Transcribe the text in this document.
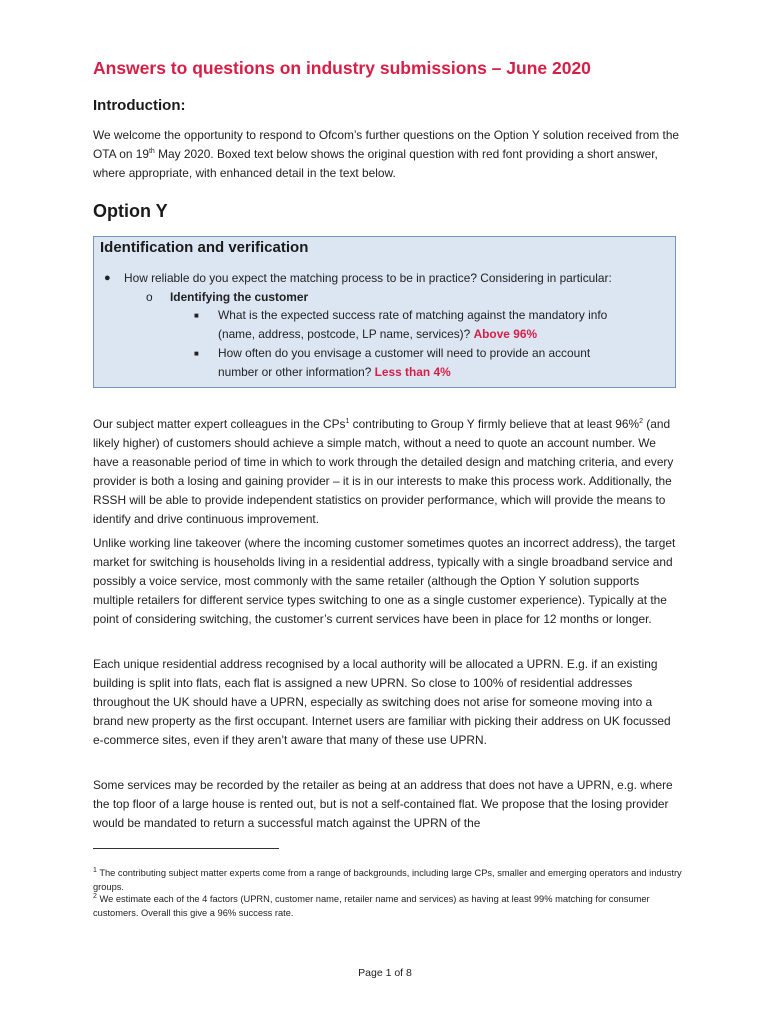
Answers to questions on industry submissions – June 2020
Introduction:

We welcome the opportunity to respond to Ofcom’s further questions on the Option Y solution received from the OTA on 19th May 2020. Boxed text below shows the original question with red font providing a short answer, where appropriate, with enhanced detail in the text below.

Option Y
Identification and verification
● How reliable do you expect the matching process to be in practice? Considering in particular:
o Identifying the customer
■ What is the expected success rate of matching against the mandatory info
(name, address, postcode, LP name, services)? Above 96%
■ How often do you envisage a customer will need to provide an account
number or other information? Less than 4%

Our subject matter expert colleagues in the CPs$^1$ contributing to Group Y firmly believe that at least 96%$^2$ (and likely higher) of customers should achieve a simple match, without a need to quote an account number. We have a reasonable period of time in which to work through the detailed design and matching criteria, and every provider is both a losing and gaining provider – it is in our interests to make this process work. Additionally, the RSSH will be able to provide independent statistics on provider performance, which will provide the means to identify and drive continuous improvement.

Unlike working line takeover (where the incoming customer sometimes quotes an incorrect address), the target market for switching is households living in a residential address, typically with a single broadband service and possibly a voice service, most commonly with the same retailer (although the Option Y solution supports multiple retailers for different service types switching to one as a single customer experience). Typically at the point of considering switching, the customer’s current services have been in place for 12 months or longer.

Each unique residential address recognised by a local authority will be allocated a UPRN. E.g. if an existing building is split into flats, each flat is assigned a new UPRN. So close to 100% of residential addresses throughout the UK should have a UPRN, especially as switching does not arise for someone moving into a brand new property as the first occupant. Internet users are familiar with picking their address on UK focussed e-commerce sites, even if they aren’t aware that many of these use UPRN.

Some services may be recorded by the retailer as being at an address that does not have a UPRN, e.g. where the top floor of a large house is rented out, but is not a self-contained flat. We propose that the losing provider would be mandated to return a successful match against the UPRN of the

$^1$ The contributing subject matter experts come from a range of backgrounds, including large CPs, smaller and emerging operators and industry groups.

$^2$ We estimate each of the 4 factors (UPRN, customer name, retailer name and services) as having at least 99% matching for consumer customers. Overall this give a 96% success rate.

Page 1 of 8
